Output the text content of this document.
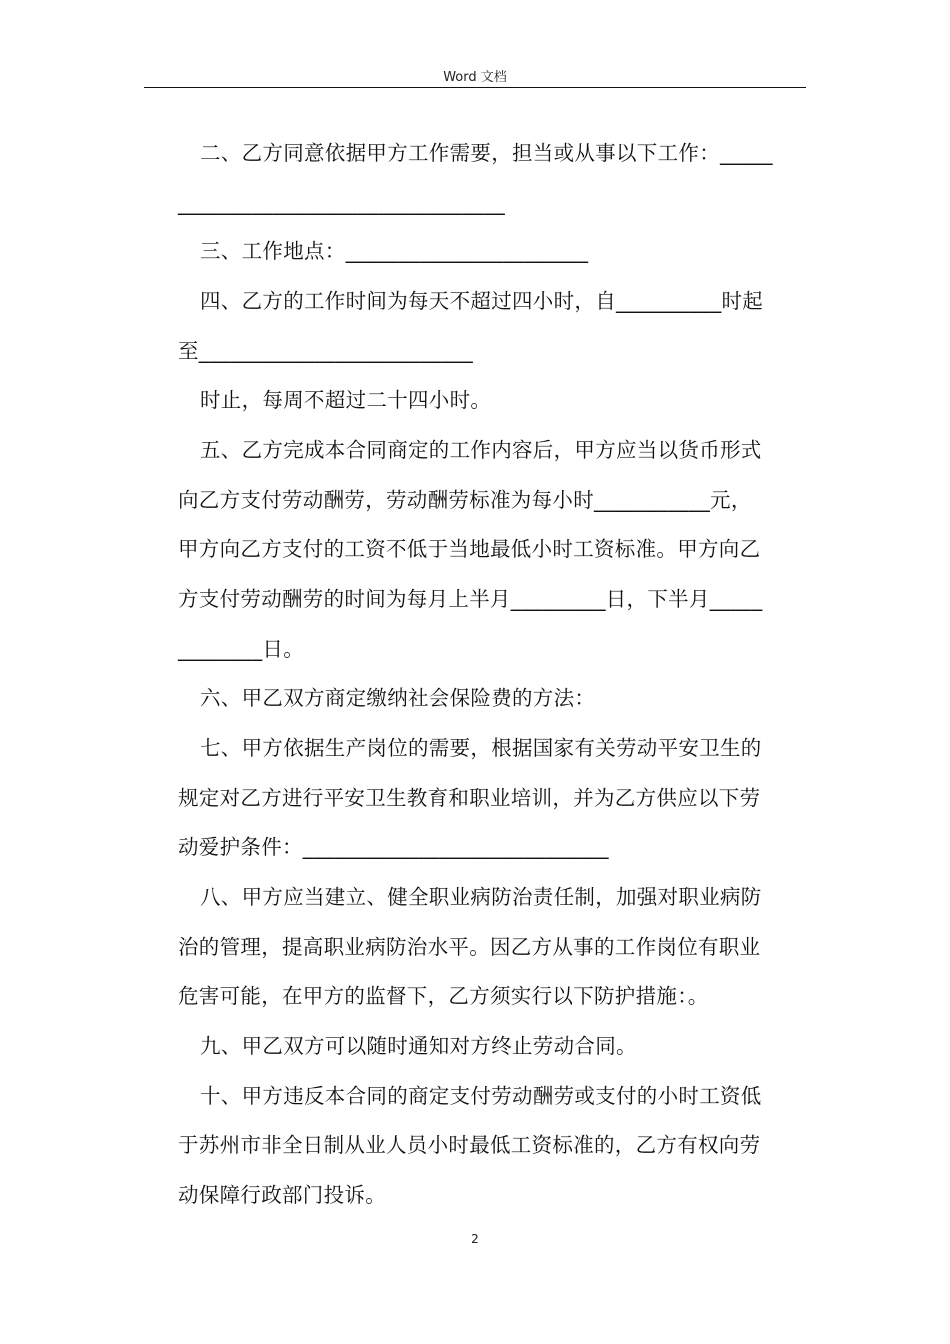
Word 文档
二、乙方同意依据甲方工作需要，担当或从事以下工作：_____
_______________________________
三、工作地点：_______________________
四、乙方的工作时间为每天不超过四小时，自__________时起
至__________________________
时止，每周不超过二十四小时。
五、乙方完成本合同商定的工作内容后，甲方应当以货币形式
向乙方支付劳动酬劳，劳动酬劳标准为每小时___________元，
甲方向乙方支付的工资不低于当地最低小时工资标准。甲方向乙
方支付劳动酬劳的时间为每月上半月_________日，下半月_____
________日。
六、甲乙双方商定缴纳社会保险费的方法：
七、甲方依据生产岗位的需要，根据国家有关劳动平安卫生的
规定对乙方进行平安卫生教育和职业培训，并为乙方供应以下劳
动爱护条件：_____________________________
八、甲方应当建立、健全职业病防治责任制，加强对职业病防
治的管理，提高职业病防治水平。因乙方从事的工作岗位有职业
危害可能，在甲方的监督下，乙方须实行以下防护措施：。
九、甲乙双方可以随时通知对方终止劳动合同。
十、甲方违反本合同的商定支付劳动酬劳或支付的小时工资低
于苏州市非全日制从业人员小时最低工资标准的，乙方有权向劳
动保障行政部门投诉。
2
